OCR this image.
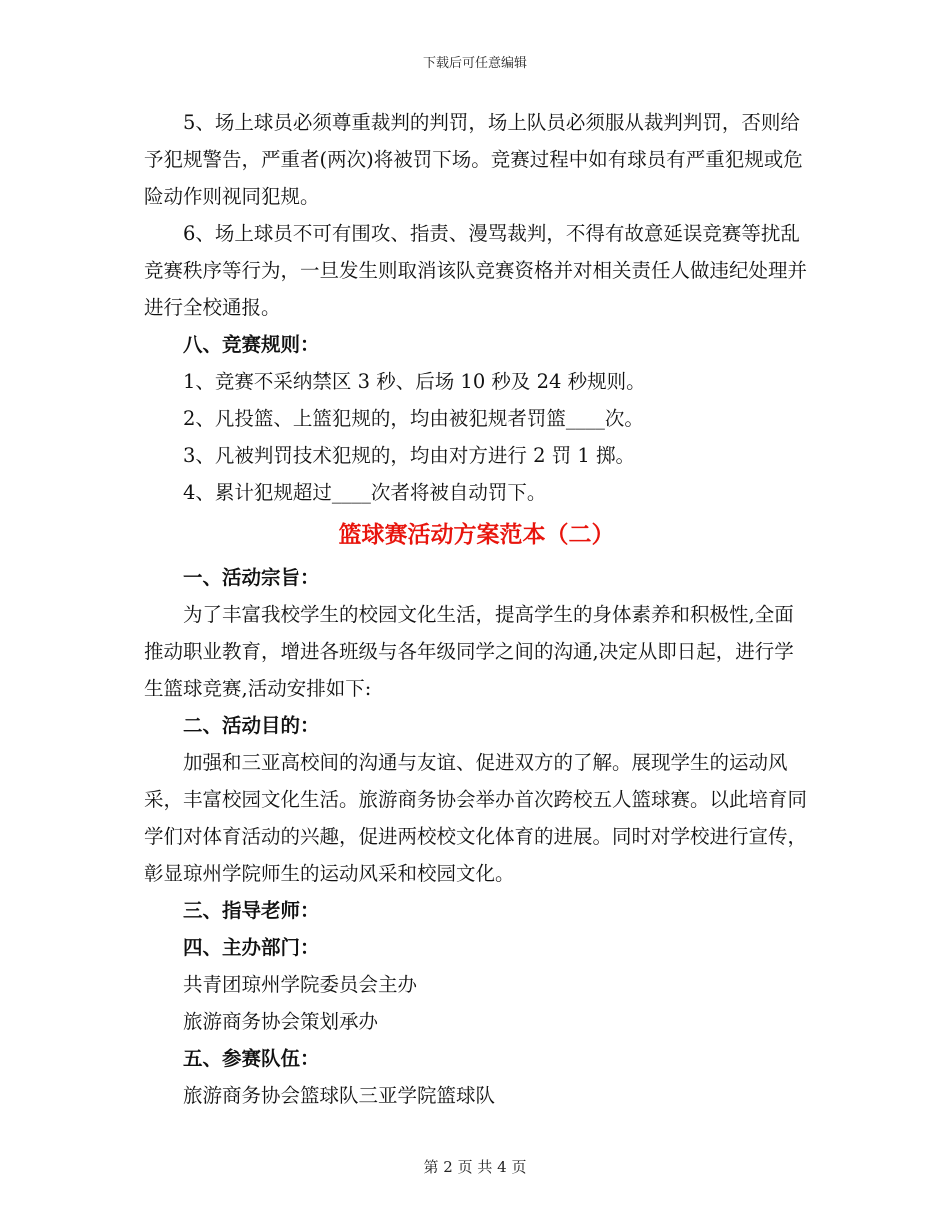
下载后可任意编辑

5、场上球员必须尊重裁判的判罚，场上队员必须服从裁判判罚，否则给予犯规警告，严重者(两次)将被罚下场。竞赛过程中如有球员有严重犯规或危险动作则视同犯规。

6、场上球员不可有围攻、指责、漫骂裁判，不得有故意延误竞赛等扰乱竞赛秩序等行为，一旦发生则取消该队竞赛资格并对相关责任人做违纪处理并进行全校通报。

八、竞赛规则：

1、竞赛不采纳禁区 3 秒、后场 10 秒及 24 秒规则。

2、凡投篮、上篮犯规的，均由被犯规者罚篮____次。

3、凡被判罚技术犯规的，均由对方进行 2 罚 1 掷。

4、累计犯规超过____次者将被自动罚下。

篮球赛活动方案范本（二）

一、活动宗旨：

为了丰富我校学生的校园文化生活，提高学生的身体素养和积极性,全面推动职业教育，增进各班级与各年级同学之间的沟通,决定从即日起，进行学生篮球竞赛,活动安排如下:

二、活动目的：

加强和三亚高校间的沟通与友谊、促进双方的了解。展现学生的运动风采，丰富校园文化生活。旅游商务协会举办首次跨校五人篮球赛。以此培育同学们对体育活动的兴趣，促进两校校文化体育的进展。同时对学校进行宣传，彰显琼州学院师生的运动风采和校园文化。

三、指导老师：

四、主办部门：

共青团琼州学院委员会主办

旅游商务协会策划承办

五、参赛队伍：

旅游商务协会篮球队三亚学院篮球队

第 2 页 共 4 页
